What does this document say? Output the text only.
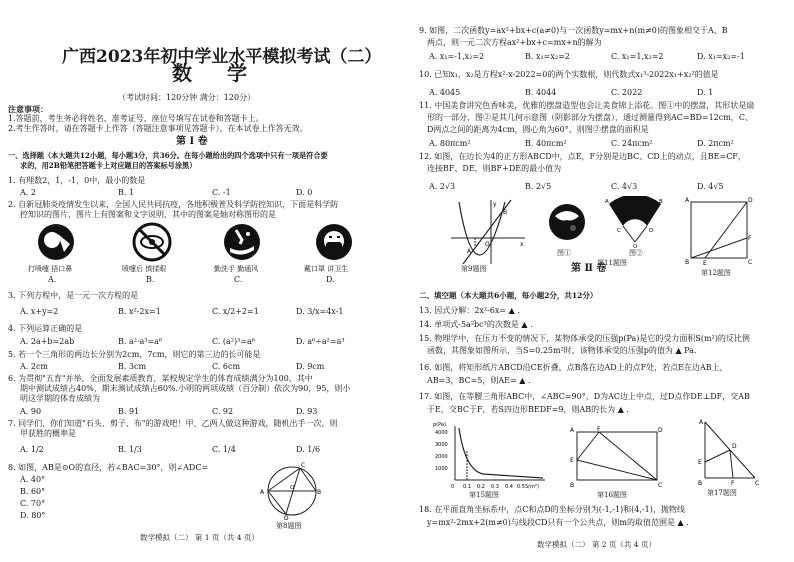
广西2023年初中学业水平模拟考试（二）
数 学
（考试时间：120分钟 满分：120分）
注意事项：
1.答题前，考生务必将姓名、准考证号、座位号填写在试卷和答题卡上。
2.考生作答时，请在答题卡上作答（答题注意事项见答题卡），在本试卷上作答无效。
第 Ⅰ 卷
一、选择题（本大题共12小题，每小题3分，共36分。在每小题给出的四个选项中只有一项是符合要
求的，用2B铅笔把答题卡上对应题目的答案标号涂黑）
1. 有理数2，1，-1，0中，最小的数是
A. 2	B. 1	C. -1	D. 0
2. 自新冠肺炎疫情发生以来，全国人民共同抗疫，各地积极普及科学防控知识，下面是科学防
控知识的图片，图片上有图案和文字说明，其中的图案是轴对称图形的是
打喷嚏 捂口鼻	喷嚏后 慎揉眼	勤洗手 勤通风	戴口罩 讲卫生
A.	B.	C.	D.
3. 下列方程中，是一元一次方程的是
A. x+y=2	B. x²-2x=1	C. x/2+2=1	D. 3/x=4x-1
4. 下列运算正确的是
A. 2a+b=2ab	B. a²·a³=a⁶	C. (a²)³=a⁶	D. a⁶÷a²=a³
5. 若一个三角形的两边长分别为2cm，7cm，则它的第三边的长可能是
A. 2cm	B. 3cm	C. 6cm	D. 9cm
6. 为贯彻"五育"并举，全面发展素质教育，某校规定学生的体育成绩满分为100，其中
期中测试成绩占40%，期末测试成绩占60%.小明的两项成绩（百分制）依次为90，95，则小
明这学期的体育成绩为
A. 90	B. 91	C. 92	D. 93
7. 同学们，你们知道"石头、剪子、布"的游戏吧！甲、乙两人做这种游戏，随机出手一次，则
甲获胜的概率是
A. 1/2	B. 1/3	C. 1/4	D. 1/6
8. 如图，AB是⊙O的直径，若∠BAC=30°，则∠ADC=
A. 40°
B. 60°
C. 70°
D. 80°
A	B
C
D
O
第8题图
数学模拟（二） 第 1 页（共 4 页）
9. 如图，二次函数y=ax²+bx+c(a≠0)与一次函数y=mx+n(m≠0)的图象相交于A、B
两点，则一元二次方程ax²+bx+c=mx+n的解为
A. x₁=-1,x₂=2	B. x₁=x₂=2	C. x₁=1,x₂=2	D. x₁=x₂=-1
10. 已知x₁，x₂是方程x²-x-2022=0的两个实数根，则代数式x₁³-2022x₁+x₂²的值是
A. 4045	B. 4044	C. 2022	D. 1
11. 中国美食讲究色香味美，优雅的摆盘造型也会让美食锦上添花。图①中的摆盘，其形状是扇
形的一部分，图②是其几何示意图（阴影部分为摆盘），通过测量得到AC=BD=12cm，C、
D两点之间的距离为4cm，圆心角为60°，则图②摆盘的面积是
A. 80πcm²	B. 40πcm²	C. 24πcm²	D. 2πcm²
12. 如图，在边长为4的正方形ABCD中，点E，F分别是边BC、CD上的动点，且BE=CF，
连接BF、DE，则BF+DE的最小值为
A. 2√3	B. 2√5	C. 4√3	D. 4√5
y
x
A
B
O
第9题图
A	B
C	D
O
图①	图②
第11题图
A
B	C
D
E
F
第12题图
第 Ⅱ 卷
二、填空题（本大题共6小题，每小题2分，共12分）
13. 因式分解：2x²-6x= ▲ .
14. 单项式-5a²bc³的次数是 ▲ .
15. 物理学中，在压力不变的情况下，某物体承受的压强p(Pa)是它的受力面积S(m²)的反比例
函数，其图象如图所示，当S=0.25m²时，该物体承受的压强p的值为 ▲ Pa.
16. 如图，将矩形纸片ABCD沿CE折叠，点B落在边AD上的点F处，若点E在边AB上，
AB=3，BC=5，则AE= ▲ .
17. 如图，在等腰三角形ABC中，∠ABC=90°，D为AC边上中点，过D点作DE⊥DF，交AB
于E，交BC于F，若S四边形BEDF=9，则AB的长为 ▲ .
p(Pa)
S(m²)
4000
3000
2000
1000
0 0.1 0.2 0.3 0.4 0.5
第15题图
A
B	C
D
E
F
第16题图
A
B	C
D
E
F
第17题图
18. 在平面直角坐标系中，点C和点D的坐标分别为(-1,-1)和(4,-1)，抛物线
y=mx²-2mx+2(m≠0)与线段CD只有一个公共点，则m的取值范围是 ▲ .
数学模拟（二） 第 2 页（共 4 页）
